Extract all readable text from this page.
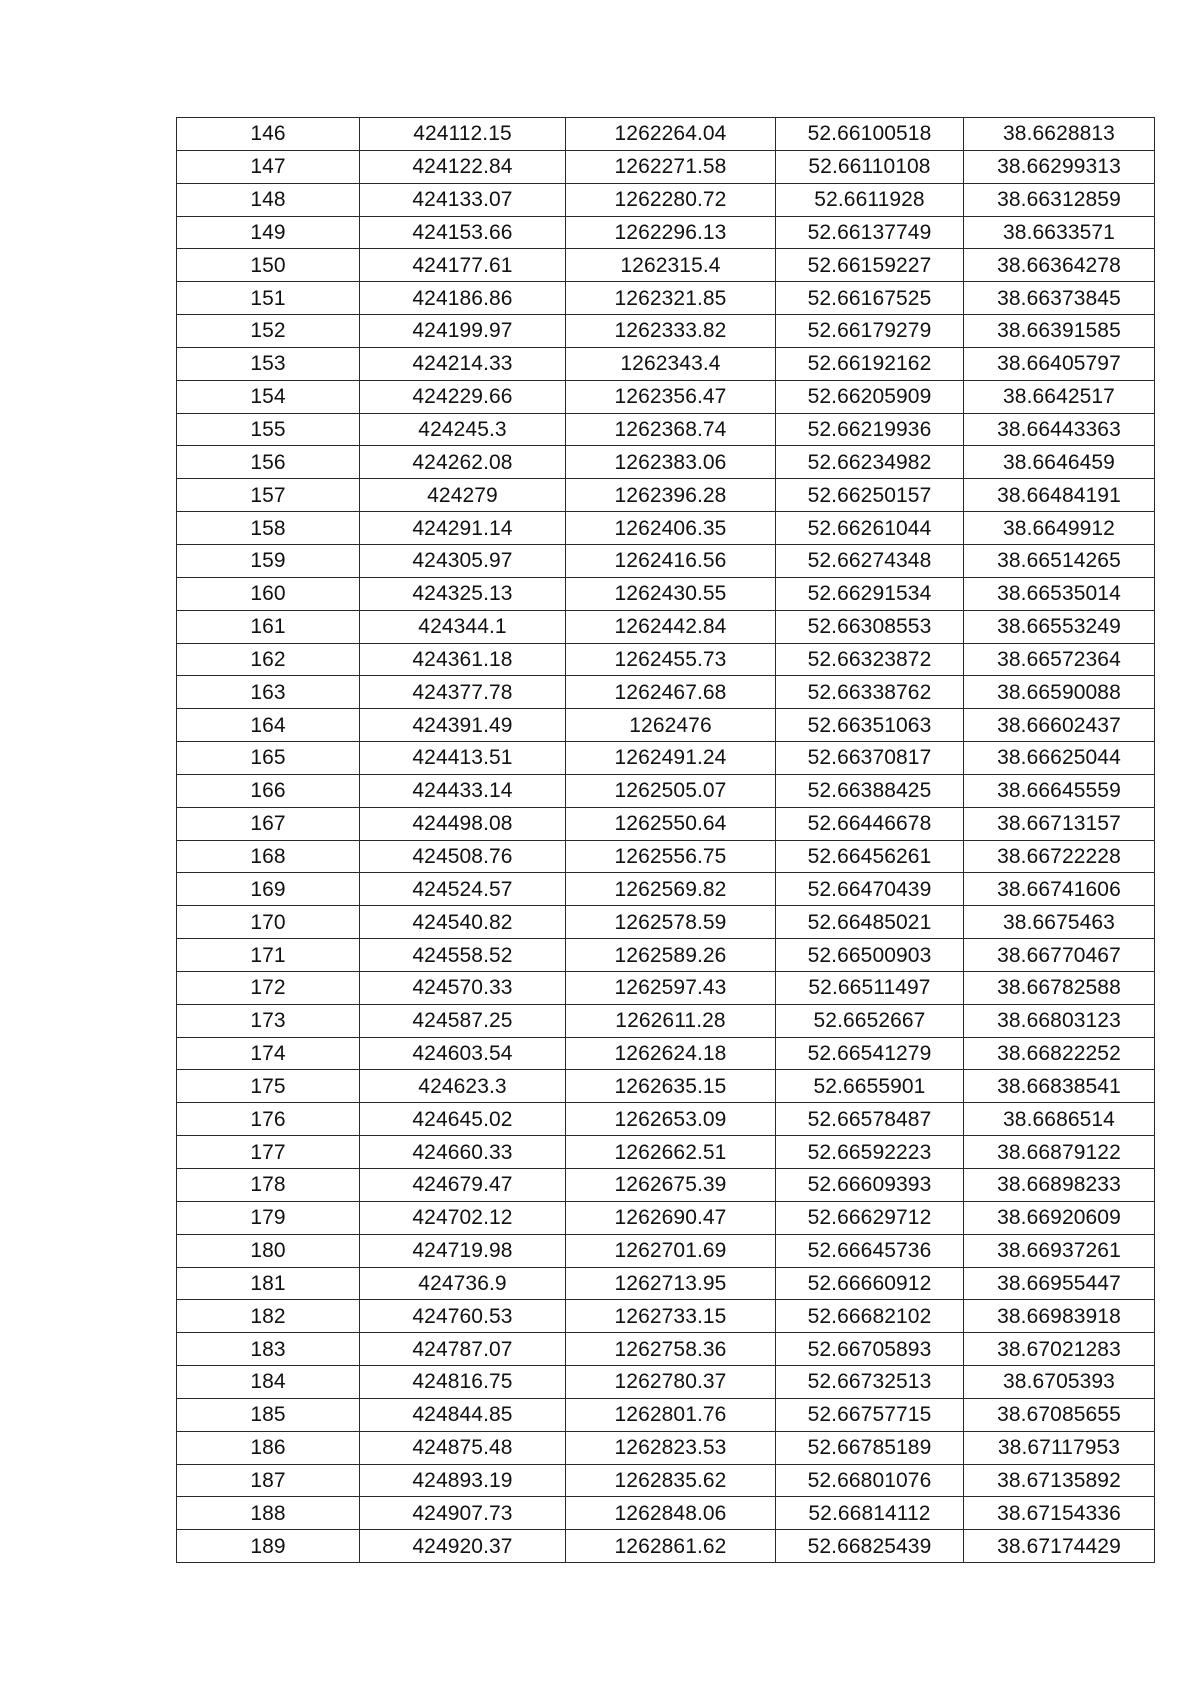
146	424112.15	1262264.04	52.66100518	38.6628813
147	424122.84	1262271.58	52.66110108	38.66299313
148	424133.07	1262280.72	52.6611928	38.66312859
149	424153.66	1262296.13	52.66137749	38.6633571
150	424177.61	1262315.4	52.66159227	38.66364278
151	424186.86	1262321.85	52.66167525	38.66373845
152	424199.97	1262333.82	52.66179279	38.66391585
153	424214.33	1262343.4	52.66192162	38.66405797
154	424229.66	1262356.47	52.66205909	38.6642517
155	424245.3	1262368.74	52.66219936	38.66443363
156	424262.08	1262383.06	52.66234982	38.6646459
157	424279	1262396.28	52.66250157	38.66484191
158	424291.14	1262406.35	52.66261044	38.6649912
159	424305.97	1262416.56	52.66274348	38.66514265
160	424325.13	1262430.55	52.66291534	38.66535014
161	424344.1	1262442.84	52.66308553	38.66553249
162	424361.18	1262455.73	52.66323872	38.66572364
163	424377.78	1262467.68	52.66338762	38.66590088
164	424391.49	1262476	52.66351063	38.66602437
165	424413.51	1262491.24	52.66370817	38.66625044
166	424433.14	1262505.07	52.66388425	38.66645559
167	424498.08	1262550.64	52.66446678	38.66713157
168	424508.76	1262556.75	52.66456261	38.66722228
169	424524.57	1262569.82	52.66470439	38.66741606
170	424540.82	1262578.59	52.66485021	38.6675463
171	424558.52	1262589.26	52.66500903	38.66770467
172	424570.33	1262597.43	52.66511497	38.66782588
173	424587.25	1262611.28	52.6652667	38.66803123
174	424603.54	1262624.18	52.66541279	38.66822252
175	424623.3	1262635.15	52.6655901	38.66838541
176	424645.02	1262653.09	52.66578487	38.6686514
177	424660.33	1262662.51	52.66592223	38.66879122
178	424679.47	1262675.39	52.66609393	38.66898233
179	424702.12	1262690.47	52.66629712	38.66920609
180	424719.98	1262701.69	52.66645736	38.66937261
181	424736.9	1262713.95	52.66660912	38.66955447
182	424760.53	1262733.15	52.66682102	38.66983918
183	424787.07	1262758.36	52.66705893	38.67021283
184	424816.75	1262780.37	52.66732513	38.6705393
185	424844.85	1262801.76	52.66757715	38.67085655
186	424875.48	1262823.53	52.66785189	38.67117953
187	424893.19	1262835.62	52.66801076	38.67135892
188	424907.73	1262848.06	52.66814112	38.67154336
189	424920.37	1262861.62	52.66825439	38.67174429
